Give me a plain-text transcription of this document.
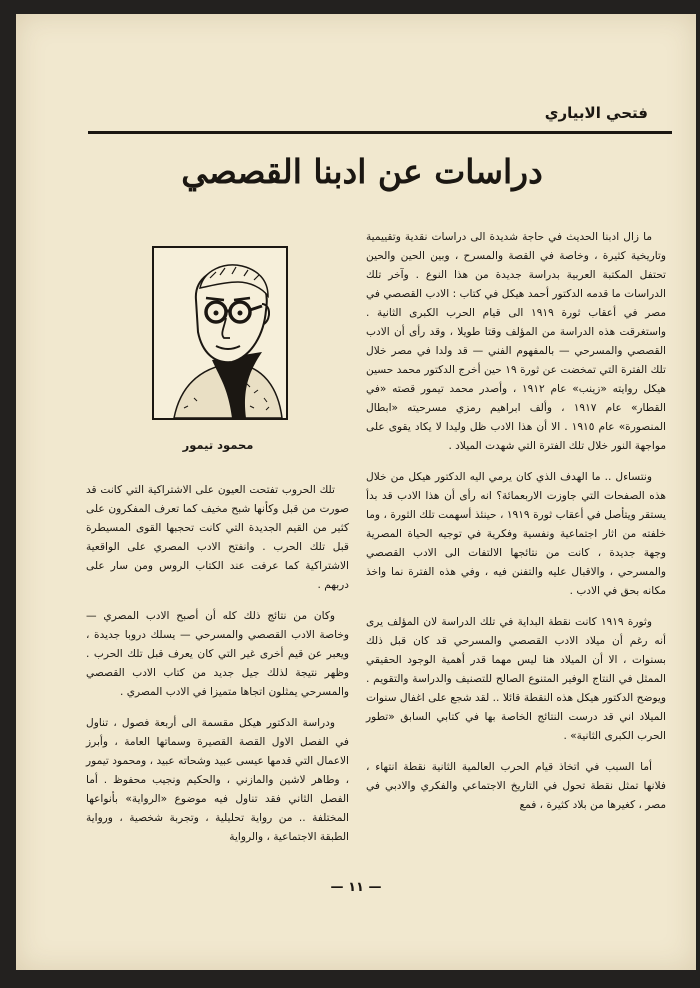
فتحي الابياري
دراسات عن ادبنا القصصي

ما زال ادبنا الحديث في حاجة شديدة الى دراسات نقدية وتقييمية وتاريخية كثيرة ، وخاصة في القصة والمسرح ، وبين الحين والحين تحتفل المكتبة العربية بدراسة جديدة من هذا النوع . وآخر تلك الدراسات ما قدمه الدكتور أحمد هيكل في كتاب : الادب القصصي في مصر في أعقاب ثورة ١٩١٩ الى قيام الحرب الكبرى الثانية . واستغرقت هذه الدراسة من المؤلف وقتا طويلا ، وقد رأى أن الادب القصصي والمسرحي — بالمفهوم الفني — قد ولدا في مصر خلال تلك الفترة التي تمخضت عن ثورة ١٩ حين أخرج الدكتور محمد حسين هيكل روايته «زينب» عام ١٩١٢ ، وأصدر محمد تيمور قصته «في القطار» عام ١٩١٧ ، وألف ابراهيم رمزي مسرحيته «ابطال المنصورة» عام ١٩١٥ . الا أن هذا الادب ظل وليدا لا يكاد يقوى على مواجهة النور خلال تلك الفترة التي شهدت الميلاد .

ونتساءل .. ما الهدف الذي كان يرمي اليه الدكتور هيكل من خلال هذه الصفحات التي جاوزت الاربعمائة؟ انه رأى أن هذا الادب قد بدأ يستقر ويتأصل في أعقاب ثورة ١٩١٩ ، حينئذ أسهمت تلك الثورة ، وما خلفته من اثار اجتماعية ونفسية وفكرية في توجيه الحياة المصرية وجهة جديدة ، كانت من نتائجها الالتفات الى الادب القصصي والمسرحي ، والاقبال عليه والتفنن فيه ، وفي هذه الفترة نما واخذ مكانه بحق في الادب .

وثورة ١٩١٩ كانت نقطة البداية في تلك الدراسة لان المؤلف يرى أنه رغم أن ميلاد الادب القصصي والمسرحي قد كان قبل ذلك بسنوات ، الا أن الميلاد هنا ليس مهما قدر أهمية الوجود الحقيقي الممثل في النتاج الوفير المتنوع الصالح للتصنيف والدراسة والتقويم . ويوضح الدكتور هيكل هذه النقطة قائلا .. لقد شجع على اغفال سنوات الميلاد اني قد درست النتائج الخاصة بها في كتابي السابق «تطور الحرب الكبرى الثانية» .

أما السبب في اتخاذ قيام الحرب العالمية الثانية نقطة انتهاء ، فلانها تمثل نقطة تحول في التاريخ الاجتماعي والفكري والادبي في مصر ، كغيرها من بلاد كثيرة ، فمع

محمود تيمور

تلك الحروب تفتحت العيون على الاشتراكية التي كانت قد صورت من قبل وكأنها شبح مخيف كما تعرف المفكرون على كثير من القيم الجديدة التي كانت تحجبها القوى المسيطرة قبل تلك الحرب . وانفتح الادب المصري على الواقعية الاشتراكية كما عرفت عند الكتاب الروس ومن سار على دربهم .

وكان من نتائج ذلك كله أن أصبح الادب المصري — وخاصة الادب القصصي والمسرحي — يسلك دروبا جديدة ، ويعبر عن قيم أخرى غير التي كان يعرف قبل تلك الحرب . وظهر نتيجة لذلك جيل جديد من كتاب الادب القصصي والمسرحي يمثلون اتجاها متميزا في الادب المصري .

ودراسة الدكتور هيكل مقسمة الى أربعة فصول ، تناول في الفصل الاول القصة القصيرة وسماتها العامة ، وأبرز الاعمال التي قدمها عيسى عبيد وشحاته عبيد ، ومحمود تيمور ، وطاهر لاشين والمازني ، والحكيم ونجيب محفوظ . أما الفصل الثاني فقد تناول فيه موضوع «الرواية» بأنواعها المختلفة .. من رواية تحليلية ، وتجربة شخصية ، ورواية الطبقة الاجتماعية ، والرواية

— ١١ —
